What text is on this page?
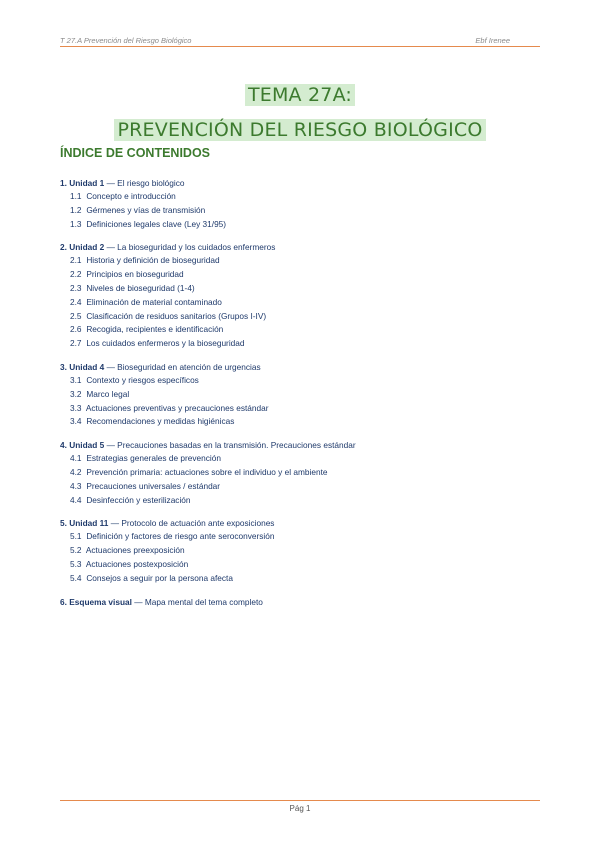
T 27.A Prevención del Riesgo Biológico	Ebf Irenee
TEMA 27A:
PREVENCIÓN DEL RIESGO BIOLÓGICO
ÍNDICE DE CONTENIDOS
1. Unidad 1 — El riesgo biológico
1.1 Concepto e introducción
1.2 Gérmenes y vías de transmisión
1.3 Definiciones legales clave (Ley 31/95)
2. Unidad 2 — La bioseguridad y los cuidados enfermeros
2.1 Historia y definición de bioseguridad
2.2 Principios en bioseguridad
2.3 Niveles de bioseguridad (1-4)
2.4 Eliminación de material contaminado
2.5 Clasificación de residuos sanitarios (Grupos I-IV)
2.6 Recogida, recipientes e identificación
2.7 Los cuidados enfermeros y la bioseguridad
3. Unidad 4 — Bioseguridad en atención de urgencias
3.1 Contexto y riesgos específicos
3.2 Marco legal
3.3 Actuaciones preventivas y precauciones estándar
3.4 Recomendaciones y medidas higiénicas
4. Unidad 5 — Precauciones basadas en la transmisión. Precauciones estándar
4.1 Estrategias generales de prevención
4.2 Prevención primaria: actuaciones sobre el individuo y el ambiente
4.3 Precauciones universales / estándar
4.4 Desinfección y esterilización
5. Unidad 11 — Protocolo de actuación ante exposiciones
5.1 Definición y factores de riesgo ante seroconversión
5.2 Actuaciones preexposición
5.3 Actuaciones postexposición
5.4 Consejos a seguir por la persona afecta
6. Esquema visual — Mapa mental del tema completo
Pág 1
